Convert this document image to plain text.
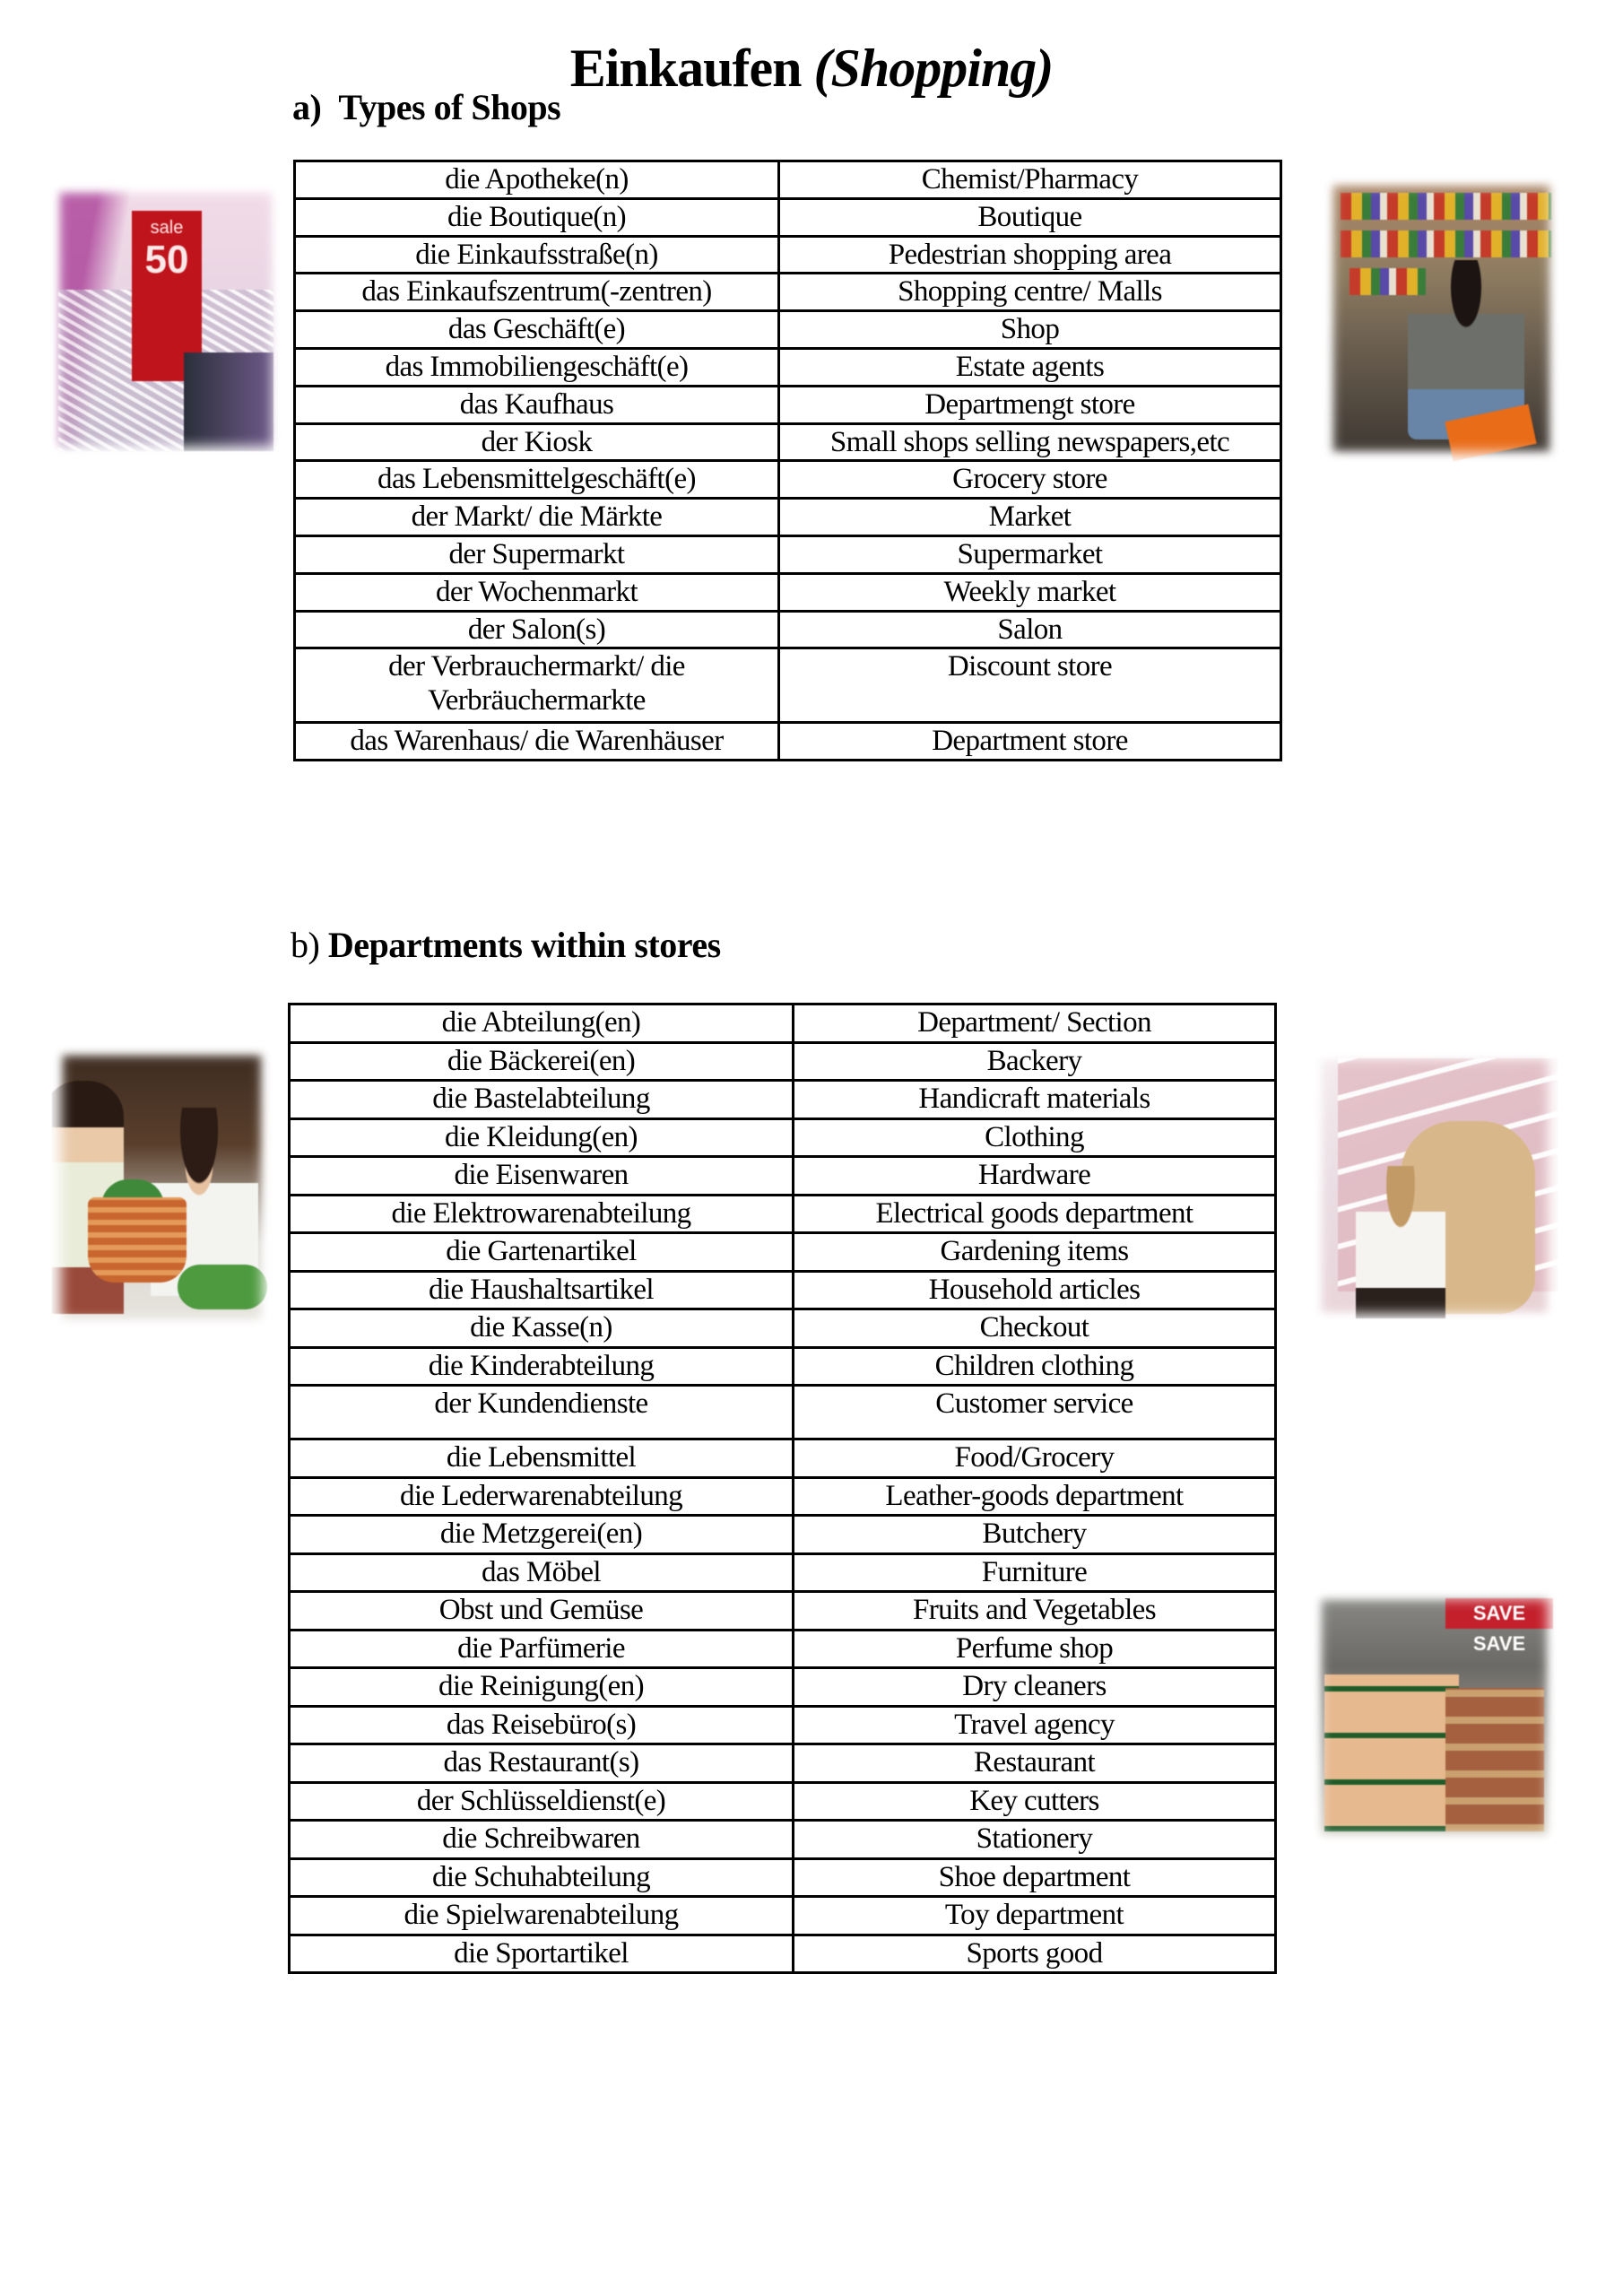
Einkaufen (Shopping)
a) Types of Shops
die Apotheke(n)	Chemist/Pharmacy
die Boutique(n)	Boutique
die Einkaufsstraße(n)	Pedestrian shopping area
das Einkaufszentrum(-zentren)	Shopping centre/ Malls
das Geschäft(e)	Shop
das Immobiliengeschäft(e)	Estate agents
das Kaufhaus	Departmengt store
der Kiosk	Small shops selling newspapers,etc
das Lebensmittelgeschäft(e)	Grocery store
der Markt/ die Märkte	Market
der Supermarkt	Supermarket
der Wochenmarkt	Weekly market
der Salon(s)	Salon
der Verbrauchermarkt/ die Verbräuchermarkte	Discount store
das Warenhaus/ die Warenhäuser	Department store
b) Departments within stores
die Abteilung(en)	Department/ Section
die Bäckerei(en)	Backery
die Bastelabteilung	Handicraft materials
die Kleidung(en)	Clothing
die Eisenwaren	Hardware
die Elektrowarenabteilung	Electrical goods department
die Gartenartikel	Gardening items
die Haushaltsartikel	Household articles
die Kasse(n)	Checkout
die Kinderabteilung	Children clothing
der Kundendienste	Customer service
die Lebensmittel	Food/Grocery
die Lederwarenabteilung	Leather-goods department
die Metzgerei(en)	Butchery
das Möbel	Furniture
Obst und Gemüse	Fruits and Vegetables
die Parfümerie	Perfume shop
die Reinigung(en)	Dry cleaners
das Reisebüro(s)	Travel agency
das Restaurant(s)	Restaurant
der Schlüsseldienst(e)	Key cutters
die Schreibwaren	Stationery
die Schuhabteilung	Shoe department
die Spielwarenabteilung	Toy department
die Sportartikel	Sports good
sale
50
SAVE SAVE
